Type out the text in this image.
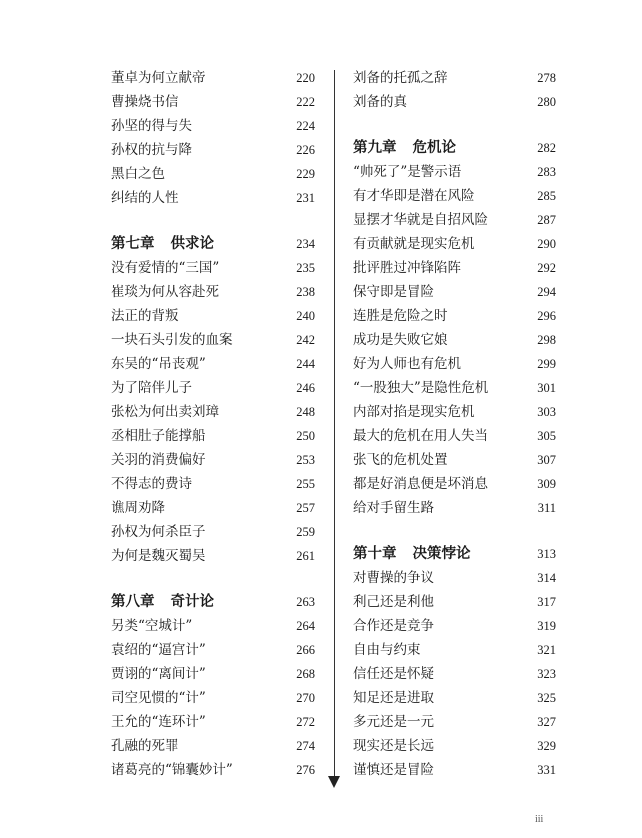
董卓为何立献帝	220
曹操烧书信	222
孙坚的得与失	224
孙权的抗与降	226
黑白之色	229
纠结的人性	231
第七章 供求论	234
没有爱情的“三国”	235
崔琰为何从容赴死	238
法正的背叛	240
一块石头引发的血案	242
东吴的“吊丧观”	244
为了陪伴儿子	246
张松为何出卖刘璋	248
丞相肚子能撑船	250
关羽的消费偏好	253
不得志的费诗	255
谯周劝降	257
孙权为何杀臣子	259
为何是魏灭蜀吴	261
第八章 奇计论	263
另类“空城计”	264
袁绍的“逼宫计”	266
贾诩的“离间计”	268
司空见惯的“计”	270
王允的“连环计”	272
孔融的死罪	274
诸葛亮的“锦囊妙计”	276
刘备的托孤之辞	278
刘备的真	280
第九章 危机论	282
“帅死了”是警示语	283
有才华即是潜在风险	285
显摆才华就是自招风险	287
有贡献就是现实危机	290
批评胜过冲锋陷阵	292
保守即是冒险	294
连胜是危险之时	296
成功是失败它娘	298
好为人师也有危机	299
“一股独大”是隐性危机	301
内部对掐是现实危机	303
最大的危机在用人失当	305
张飞的危机处置	307
都是好消息便是坏消息	309
给对手留生路	311
第十章 决策悖论	313
对曹操的争议	314
利己还是利他	317
合作还是竞争	319
自由与约束	321
信任还是怀疑	323
知足还是进取	325
多元还是一元	327
现实还是长远	329
谨慎还是冒险	331
iii
